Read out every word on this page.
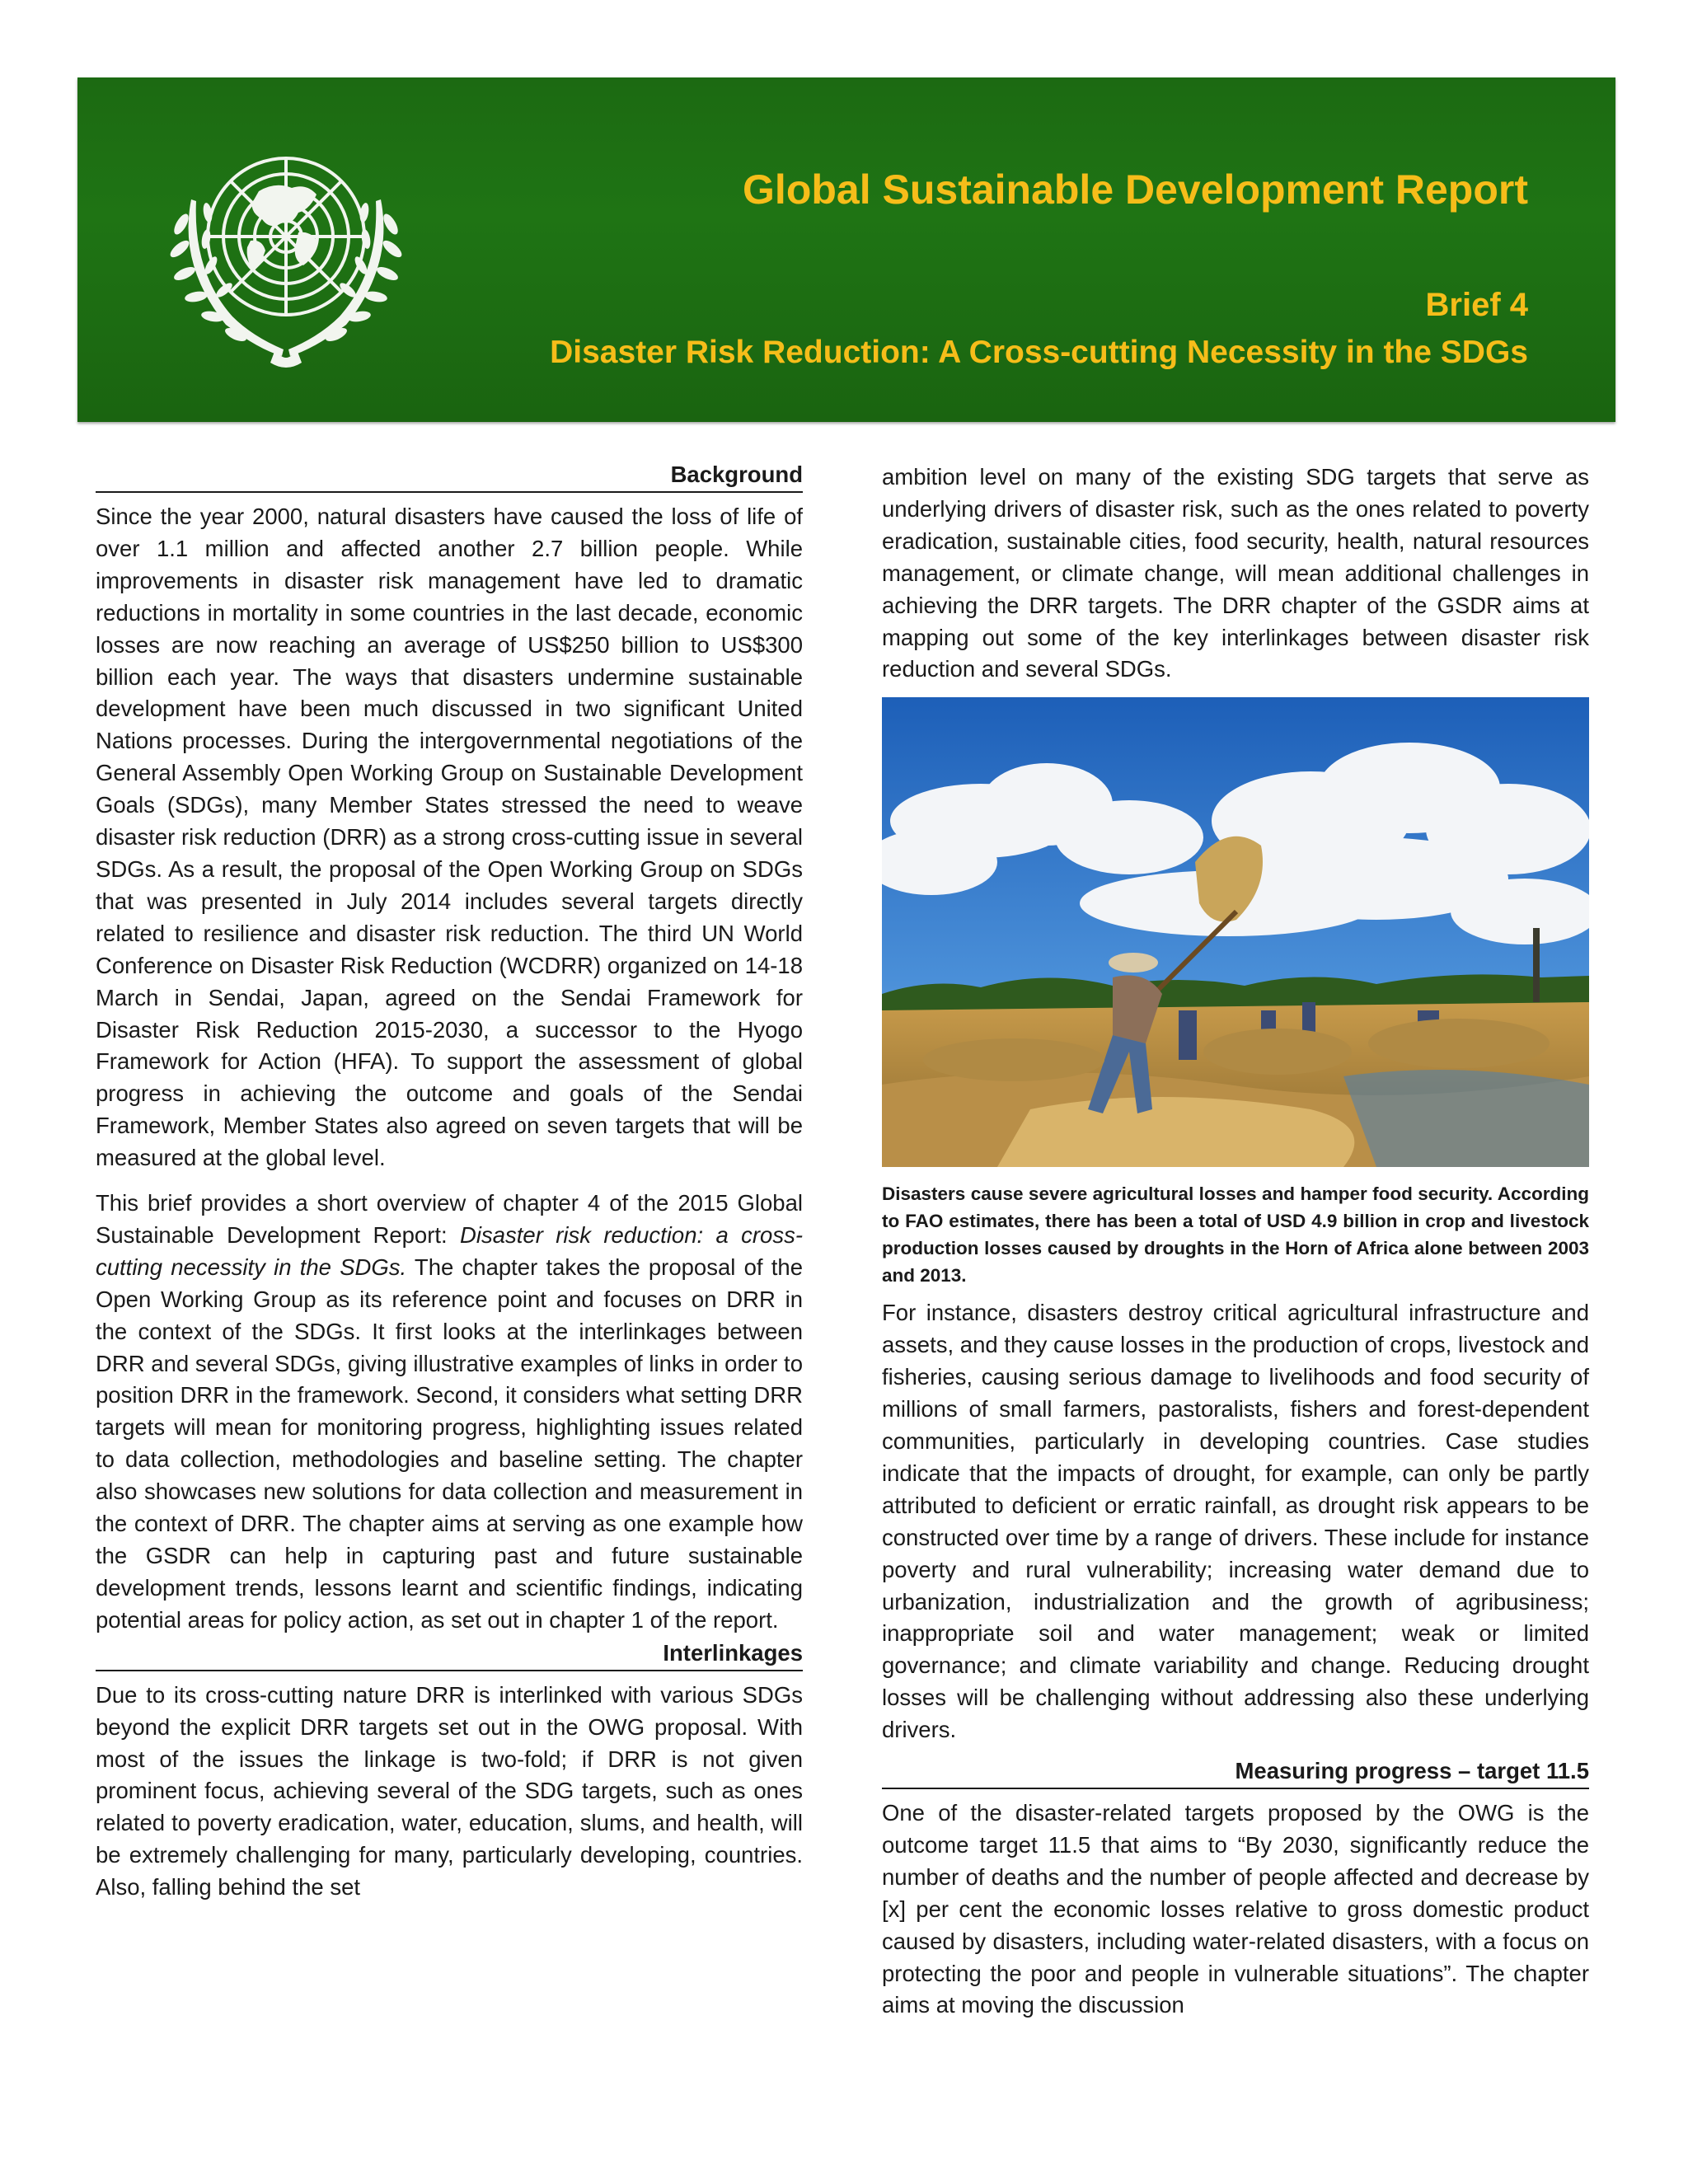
Global Sustainable Development Report
Brief 4
Disaster Risk Reduction: A Cross-cutting Necessity in the SDGs
Background

Since the year 2000, natural disasters have caused the loss of life of over 1.1 million and affected another 2.7 billion people. While improvements in disaster risk management have led to dramatic reductions in mortality in some countries in the last decade, economic losses are now reaching an average of US$250 billion to US$300 billion each year. The ways that disasters undermine sustainable development have been much discussed in two significant United Nations processes. During the intergovernmental negotiations of the General Assembly Open Working Group on Sustainable Development Goals (SDGs), many Member States stressed the need to weave disaster risk reduction (DRR) as a strong cross-cutting issue in several SDGs. As a result, the proposal of the Open Working Group on SDGs that was presented in July 2014 includes several targets directly related to resilience and disaster risk reduction. The third UN World Conference on Disaster Risk Reduction (WCDRR) organized on 14-18 March in Sendai, Japan, agreed on the Sendai Framework for Disaster Risk Reduction 2015-2030, a successor to the Hyogo Framework for Action (HFA). To support the assessment of global progress in achieving the outcome and goals of the Sendai Framework, Member States also agreed on seven targets that will be measured at the global level.

This brief provides a short overview of chapter 4 of the 2015 Global Sustainable Development Report: Disaster risk reduction: a cross-cutting necessity in the SDGs. The chapter takes the proposal of the Open Working Group as its reference point and focuses on DRR in the context of the SDGs. It first looks at the interlinkages between DRR and several SDGs, giving illustrative examples of links in order to position DRR in the framework. Second, it considers what setting DRR targets will mean for monitoring progress, highlighting issues related to data collection, methodologies and baseline setting. The chapter also showcases new solutions for data collection and measurement in the context of DRR. The chapter aims at serving as one example how the GSDR can help in capturing past and future sustainable development trends, lessons learnt and scientific findings, indicating potential areas for policy action, as set out in chapter 1 of the report.

Interlinkages

Due to its cross-cutting nature DRR is interlinked with various SDGs beyond the explicit DRR targets set out in the OWG proposal. With most of the issues the linkage is two-fold; if DRR is not given prominent focus, achieving several of the SDG targets, such as ones related to poverty eradication, water, education, slums, and health, will be extremely challenging for many, particularly developing, countries. Also, falling behind the set

ambition level on many of the existing SDG targets that serve as underlying drivers of disaster risk, such as the ones related to poverty eradication, sustainable cities, food security, health, natural resources management, or climate change, will mean additional challenges in achieving the DRR targets. The DRR chapter of the GSDR aims at mapping out some of the key interlinkages between disaster risk reduction and several SDGs.

Disasters cause severe agricultural losses and hamper food security. According to FAO estimates, there has been a total of USD 4.9 billion in crop and livestock production losses caused by droughts in the Horn of Africa alone between 2003 and 2013.

For instance, disasters destroy critical agricultural infrastructure and assets, and they cause losses in the production of crops, livestock and fisheries, causing serious damage to livelihoods and food security of millions of small farmers, pastoralists, fishers and forest-dependent communities, particularly in developing countries. Case studies indicate that the impacts of drought, for example, can only be partly attributed to deficient or erratic rainfall, as drought risk appears to be constructed over time by a range of drivers. These include for instance poverty and rural vulnerability; increasing water demand due to urbanization, industrialization and the growth of agribusiness; inappropriate soil and water management; weak or limited governance; and climate variability and change. Reducing drought losses will be challenging without addressing also these underlying drivers.

Measuring progress – target 11.5

One of the disaster-related targets proposed by the OWG is the outcome target 11.5 that aims to “By 2030, significantly reduce the number of deaths and the number of people affected and decrease by [x] per cent the economic losses relative to gross domestic product caused by disasters, including water-related disasters, with a focus on protecting the poor and people in vulnerable situations”. The chapter aims at moving the discussion
